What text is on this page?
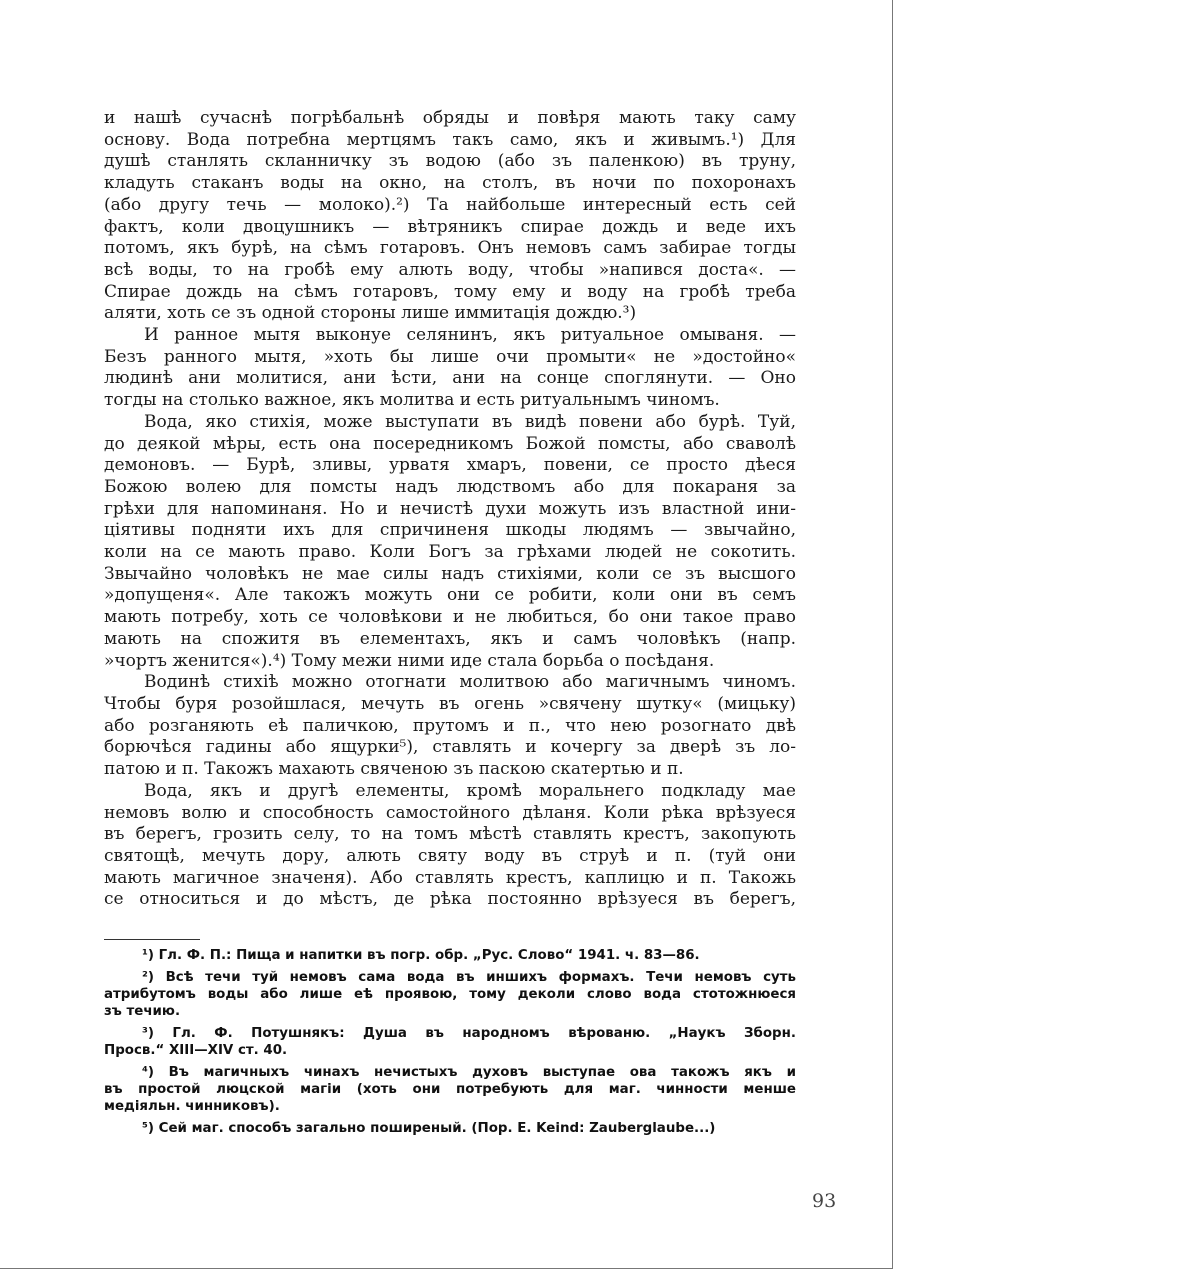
и нашѣ сучаснѣ погрѣбальнѣ обряды и повѣря мають таку саму

основу. Вода потребна мертцямъ такъ само, якъ и живымъ.¹) Для

душѣ станлять скланничку зъ водою (або зъ паленкою) въ труну,

кладуть стаканъ воды на окно, на столъ, въ ночи по похоронахъ

(або другу течь — молоко).²) Та найбольше интересный есть сей

фактъ, коли двоцушникъ — вѣтряникъ спирае дождь и веде ихъ

потомъ, якъ бурѣ, на сѣмъ готаровъ. Онъ немовъ самъ забирае тогды

всѣ воды, то на гробѣ ему алють воду, чтобы »напився доста«. —

Спирае дождь на сѣмъ готаровъ, тому ему и воду на гробѣ треба

аляти, хоть се зъ одной стороны лише иммитація дождю.³)

И ранное мытя выконуе селянинъ, якъ ритуальное омываня. —

Безъ ранного мытя, »хоть бы лише очи промыти« не »достойно«

людинѣ ани молитися, ани ѣсти, ани на сонце споглянути. — Оно

тогды на столько важное, якъ молитва и есть ритуальнымъ чиномъ.

Вода, яко стихія, може выступати въ видѣ повени або бурѣ. Туй,

до деякой мѣры, есть она посередникомъ Божой помсты, або сваволѣ

демоновъ. — Бурѣ, зливы, урватя хмаръ, повени, се просто дѣеся

Божою волею для помсты надъ людствомъ або для покараня за

грѣхи для напоминаня. Но и нечистѣ духи можуть изъ властной ини-

ціятивы подняти ихъ для спричиненя шкоды людямъ — звычайно,

коли на се мають право. Коли Богъ за грѣхами людей не сокотить.

Звычайно чоловѣкъ не мае силы надъ стихіями, коли се зъ высшого

»допущеня«. Але такожъ можуть они се робити, коли они въ семъ

мають потребу, хоть се чоловѣкови и не любиться, бо они такое право

мають на спожитя въ елементахъ, якъ и самъ чоловѣкъ (напр.

»чортъ женится«).⁴) Тому межи ними иде стала борьба о посѣданя.

Водинѣ стихіѣ можно отогнати молитвою або магичнымъ чиномъ.

Чтобы буря розойшлася, мечуть въ огень »свячену шутку« (мицьку)

або розганяють еѣ паличкою, прутомъ и п., что нею розогнато двѣ

борючѣся гадины або ящурки⁵), ставлять и кочергу за дверѣ зъ ло-

патою и п. Такожъ махають свяченою зъ паскою скатертью и п.

Вода, якъ и другѣ елементы, кромѣ моральнего подкладу мае

немовъ волю и способность самостойного дѣланя. Коли рѣка врѣзуеся

въ берегъ, грозить селу, то на томъ мѣстѣ ставлять крестъ, закопують

святощѣ, мечуть дору, алють святу воду въ струѣ и п. (туй они

мають магичное значеня). Або ставлять крестъ, каплицю и п. Такожь

се относиться и до мѣстъ, де рѣка постоянно врѣзуеся въ берегъ,

¹) Гл. Ф. П.: Пища и напитки въ погр. обр. „Рус. Слово“ 1941. ч. 83—86.
²) Всѣ течи туй немовъ сама вода въ иншихъ формахъ. Течи немовъ суть
атрибутомъ воды або лише еѣ проявою, тому деколи слово вода стотожнюеся
зъ течию.
³) Гл. Ф. Потушнякъ: Душа въ народномъ вѣрованю. „Наукъ Зборн.
Просв.“ XIII—XIV ст. 40.
⁴) Въ магичныхъ чинахъ нечистыхъ духовъ выступае ова такожъ якъ и
въ простой люцской магіи (хоть они потребують для маг. чинности менше
медіяльн. чинниковъ).
⁵) Сей маг. способъ загально поширеный. (Пор. E. Keind: Zauberglaube...)
93
